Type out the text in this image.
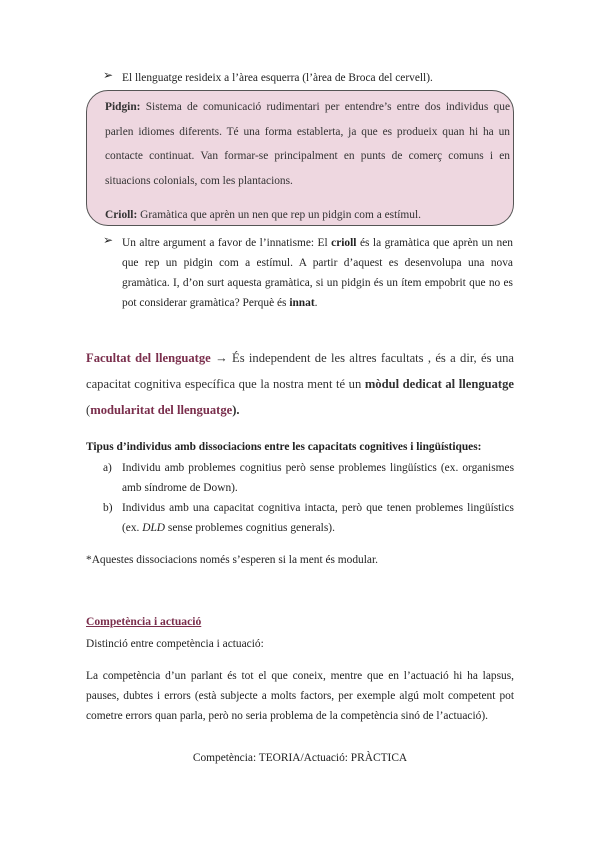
➢ El llenguatge resideix a l’àrea esquerra (l’àrea de Broca del cervell).
Pidgin: Sistema de comunicació rudimentari per entendre’s entre dos individus que parlen idiomes diferents. Té una forma establerta, ja que es produeix quan hi ha un contacte continuat. Van formar-se principalment en punts de comerç comuns i en situacions colonials, com les plantacions.
Crioll: Gramàtica que aprèn un nen que rep un pidgin com a estímul.
➢ Un altre argument a favor de l’innatisme: El crioll és la gramàtica que aprèn un nen que rep un pidgin com a estímul. A partir d’aquest es desenvolupa una nova gramàtica. I, d’on surt aquesta gramàtica, si un pidgin és un ítem empobrit que no es pot considerar gramàtica? Perquè és innat.
Facultat del llenguatge → És independent de les altres facultats , és a dir, és una capacitat cognitiva específica que la nostra ment té un mòdul dedicat al llenguatge (modularitat del llenguatge).
Tipus d’individus amb dissociacions entre les capacitats cognitives i lingüístiques:
a) Individu amb problemes cognitius però sense problemes lingüístics (ex. organismes amb síndrome de Down).
b) Individus amb una capacitat cognitiva intacta, però que tenen problemes lingüístics (ex. DLD sense problemes cognitius generals).
*Aquestes dissociacions només s’esperen si la ment és modular.
Competència i actuació
Distinció entre competència i actuació:
La competència d’un parlant és tot el que coneix, mentre que en l’actuació hi ha lapsus, pauses, dubtes i errors (està subjecte a molts factors, per exemple algú molt competent pot cometre errors quan parla, però no seria problema de la competència sinó de l’actuació).
Competència: TEORIA/Actuació: PRÀCTICA
